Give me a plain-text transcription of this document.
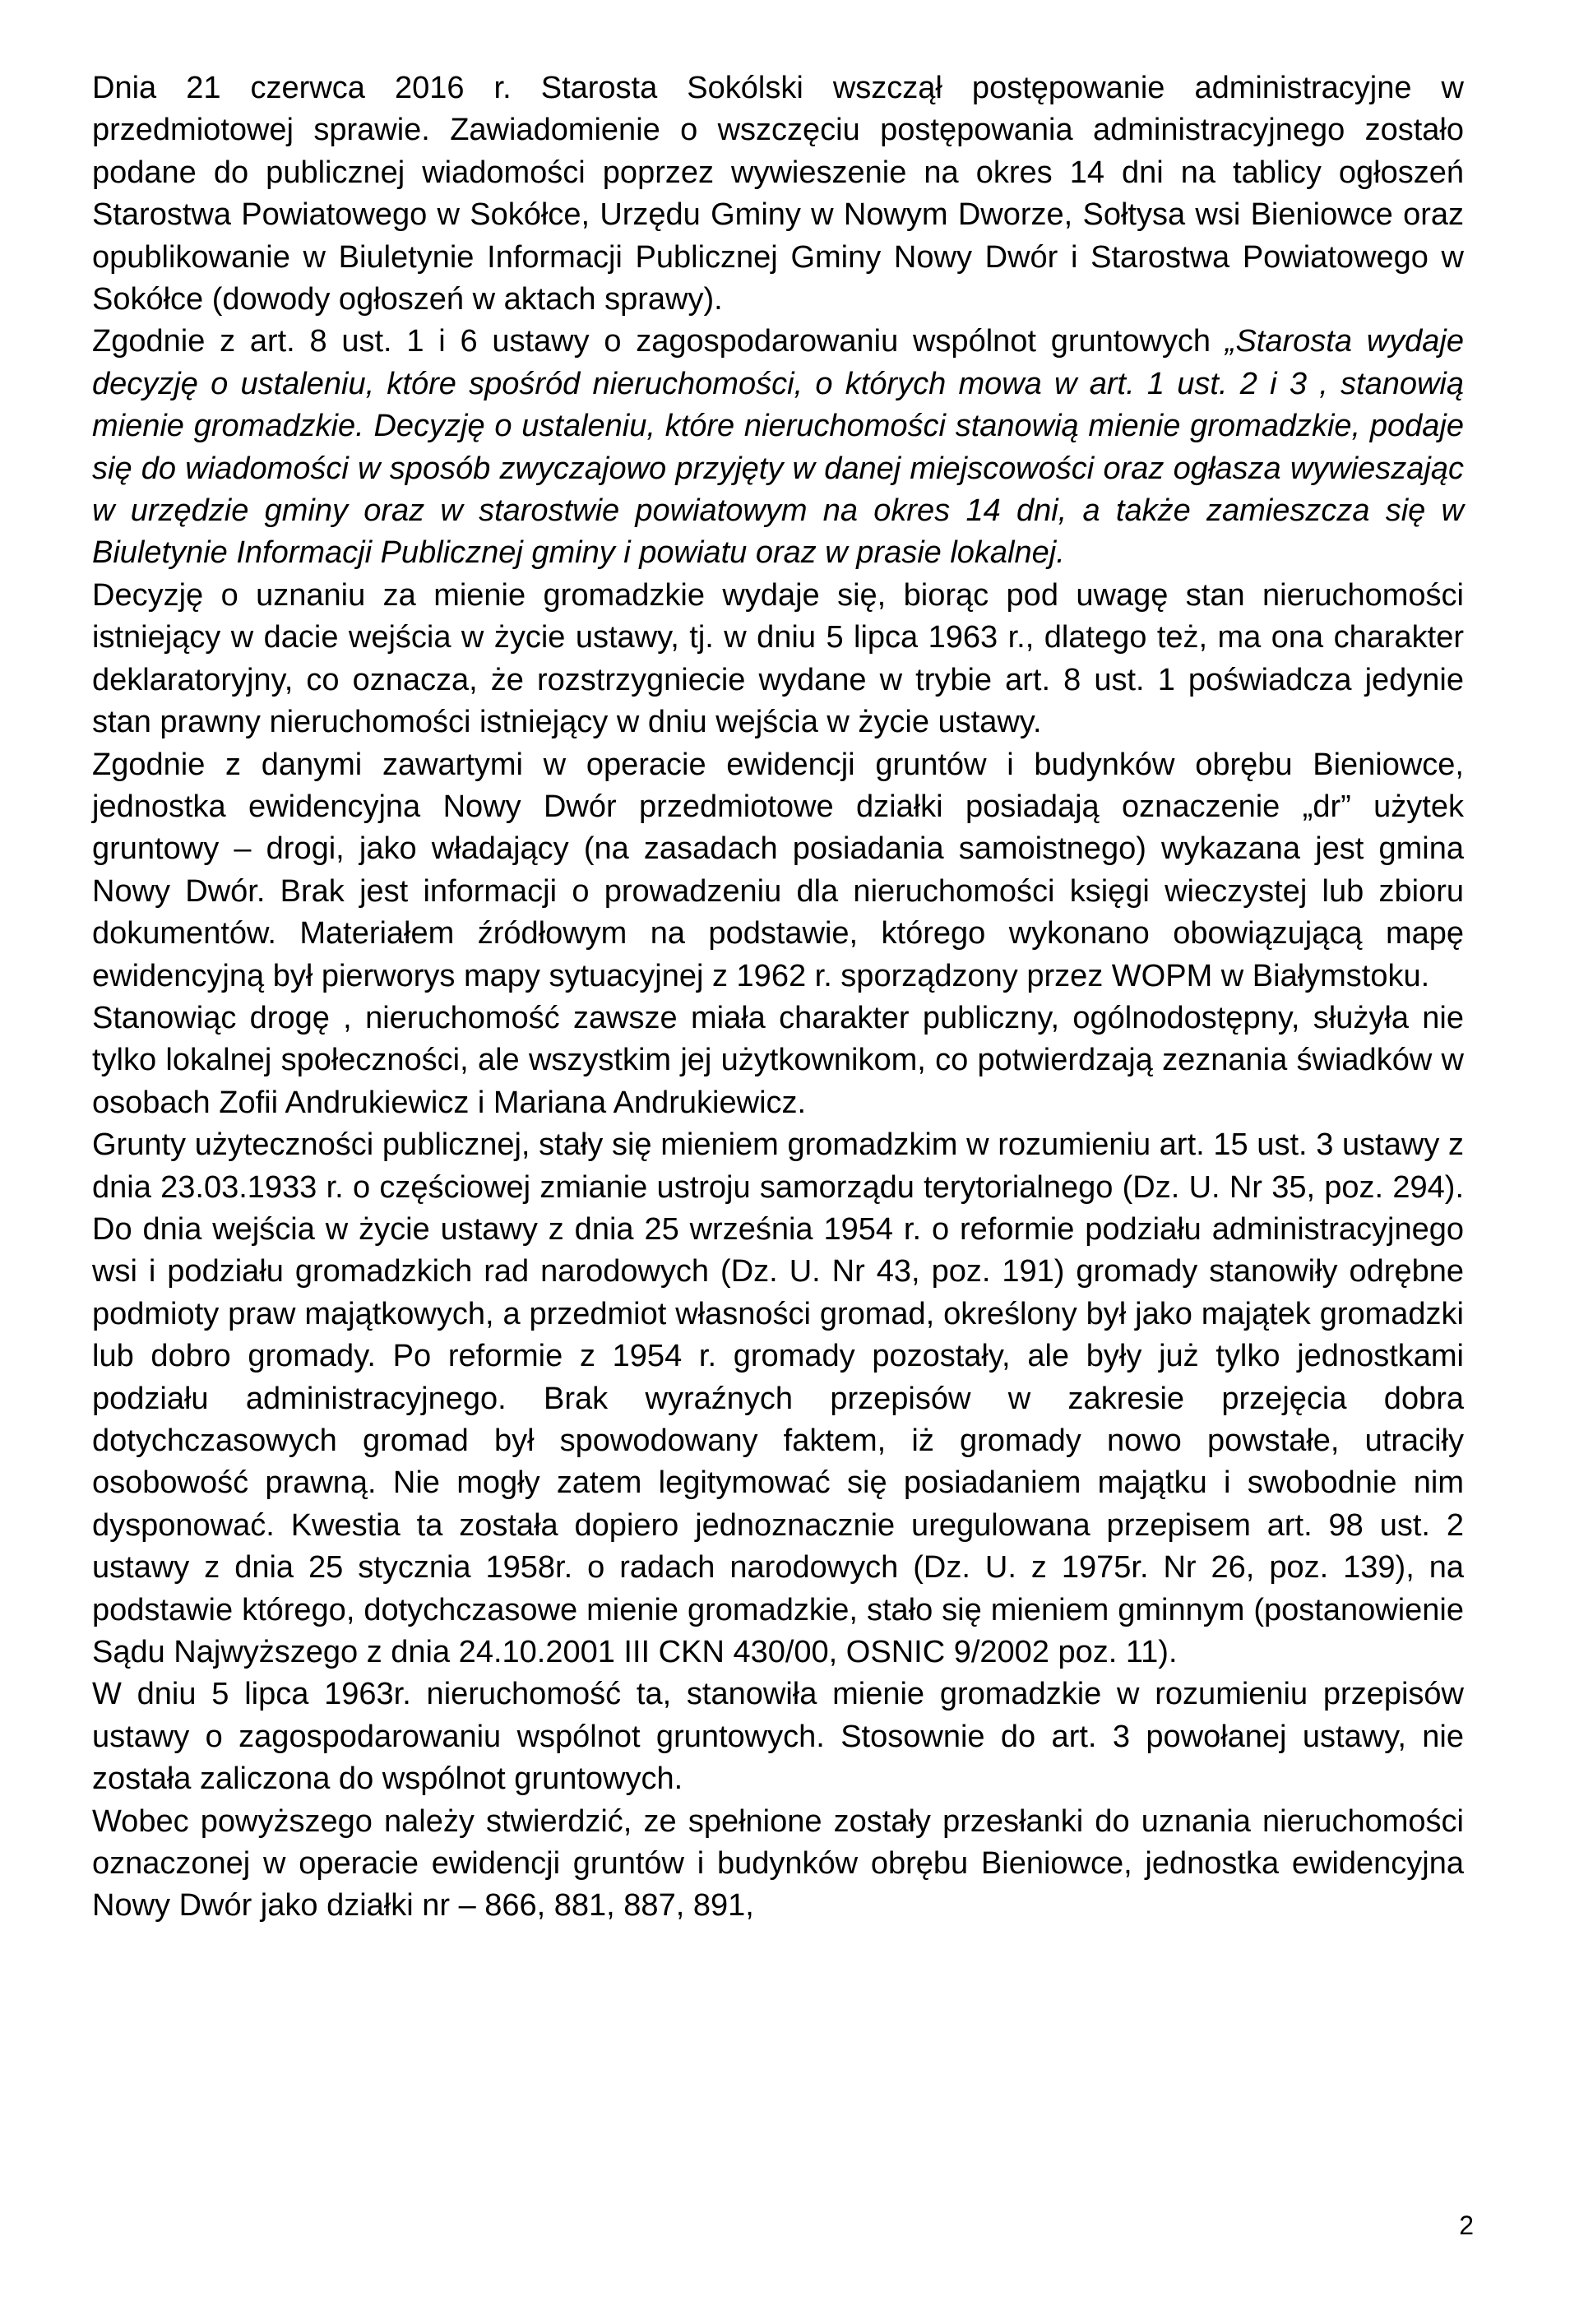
Dnia 21 czerwca 2016 r. Starosta Sokólski wszczął postępowanie administracyjne w przedmiotowej sprawie. Zawiadomienie o wszczęciu postępowania administracyjnego zostało podane do publicznej wiadomości poprzez wywieszenie na okres 14 dni na tablicy ogłoszeń Starostwa Powiatowego w Sokółce, Urzędu Gminy w Nowym Dworze, Sołtysa wsi Bieniowce oraz opublikowanie w Biuletynie Informacji Publicznej Gminy Nowy Dwór i Starostwa Powiatowego w Sokółce (dowody ogłoszeń w aktach sprawy).

Zgodnie z art. 8 ust. 1 i 6 ustawy o zagospodarowaniu wspólnot gruntowych „Starosta wydaje decyzję o ustaleniu, które spośród nieruchomości, o których mowa w art. 1 ust. 2 i 3 , stanowią mienie gromadzkie. Decyzję o ustaleniu, które nieruchomości stanowią mienie gromadzkie, podaje się do wiadomości w sposób zwyczajowo przyjęty w danej miejscowości oraz ogłasza wywieszając w urzędzie gminy oraz w starostwie powiatowym na okres 14 dni, a także zamieszcza się w Biuletynie Informacji Publicznej gminy i powiatu oraz w prasie lokalnej.

Decyzję o uznaniu za mienie gromadzkie wydaje się, biorąc pod uwagę stan nieruchomości istniejący w dacie wejścia w życie ustawy, tj. w dniu 5 lipca 1963 r., dlatego też, ma ona charakter deklaratoryjny, co oznacza, że rozstrzygniecie wydane w trybie art. 8 ust. 1 poświadcza jedynie stan prawny nieruchomości istniejący w dniu wejścia w życie ustawy.

Zgodnie z danymi zawartymi w operacie ewidencji gruntów i budynków obrębu Bieniowce, jednostka ewidencyjna Nowy Dwór przedmiotowe działki posiadają oznaczenie „dr” użytek gruntowy – drogi, jako władający (na zasadach posiadania samoistnego) wykazana jest gmina Nowy Dwór. Brak jest informacji o prowadzeniu dla nieruchomości księgi wieczystej lub zbioru dokumentów. Materiałem źródłowym na podstawie, którego wykonano obowiązującą mapę ewidencyjną był pierworys mapy sytuacyjnej z 1962 r. sporządzony przez WOPM w Białymstoku.

Stanowiąc drogę , nieruchomość zawsze miała charakter publiczny, ogólnodostępny, służyła nie tylko lokalnej społeczności, ale wszystkim jej użytkownikom, co potwierdzają zeznania świadków w osobach Zofii Andrukiewicz i Mariana Andrukiewicz.

Grunty użyteczności publicznej, stały się mieniem gromadzkim w rozumieniu art. 15 ust. 3 ustawy z dnia 23.03.1933 r. o częściowej zmianie ustroju samorządu terytorialnego (Dz. U. Nr 35, poz. 294). Do dnia wejścia w życie ustawy z dnia 25 września 1954 r. o reformie podziału administracyjnego wsi i podziału gromadzkich rad narodowych (Dz. U. Nr 43, poz. 191) gromady stanowiły odrębne podmioty praw majątkowych, a przedmiot własności gromad, określony był jako majątek gromadzki lub dobro gromady. Po reformie z 1954 r. gromady pozostały, ale były już tylko jednostkami podziału administracyjnego. Brak wyraźnych przepisów w zakresie przejęcia dobra dotychczasowych gromad był spowodowany faktem, iż gromady nowo powstałe, utraciły osobowość prawną. Nie mogły zatem legitymować się posiadaniem majątku i swobodnie nim dysponować. Kwestia ta została dopiero jednoznacznie uregulowana przepisem art. 98 ust. 2 ustawy z dnia 25 stycznia 1958r. o radach narodowych (Dz. U. z 1975r. Nr 26, poz. 139), na podstawie którego, dotychczasowe mienie gromadzkie, stało się mieniem gminnym (postanowienie Sądu Najwyższego z dnia 24.10.2001 III CKN 430/00, OSNIC 9/2002 poz. 11).

W dniu 5 lipca 1963r. nieruchomość ta, stanowiła mienie gromadzkie w rozumieniu przepisów ustawy o zagospodarowaniu wspólnot gruntowych. Stosownie do art. 3 powołanej ustawy, nie została zaliczona do wspólnot gruntowych.

Wobec powyższego należy stwierdzić, ze spełnione zostały przesłanki do uznania nieruchomości oznaczonej w operacie ewidencji gruntów i budynków obrębu Bieniowce, jednostka ewidencyjna Nowy Dwór jako działki nr – 866, 881, 887, 891,

2
